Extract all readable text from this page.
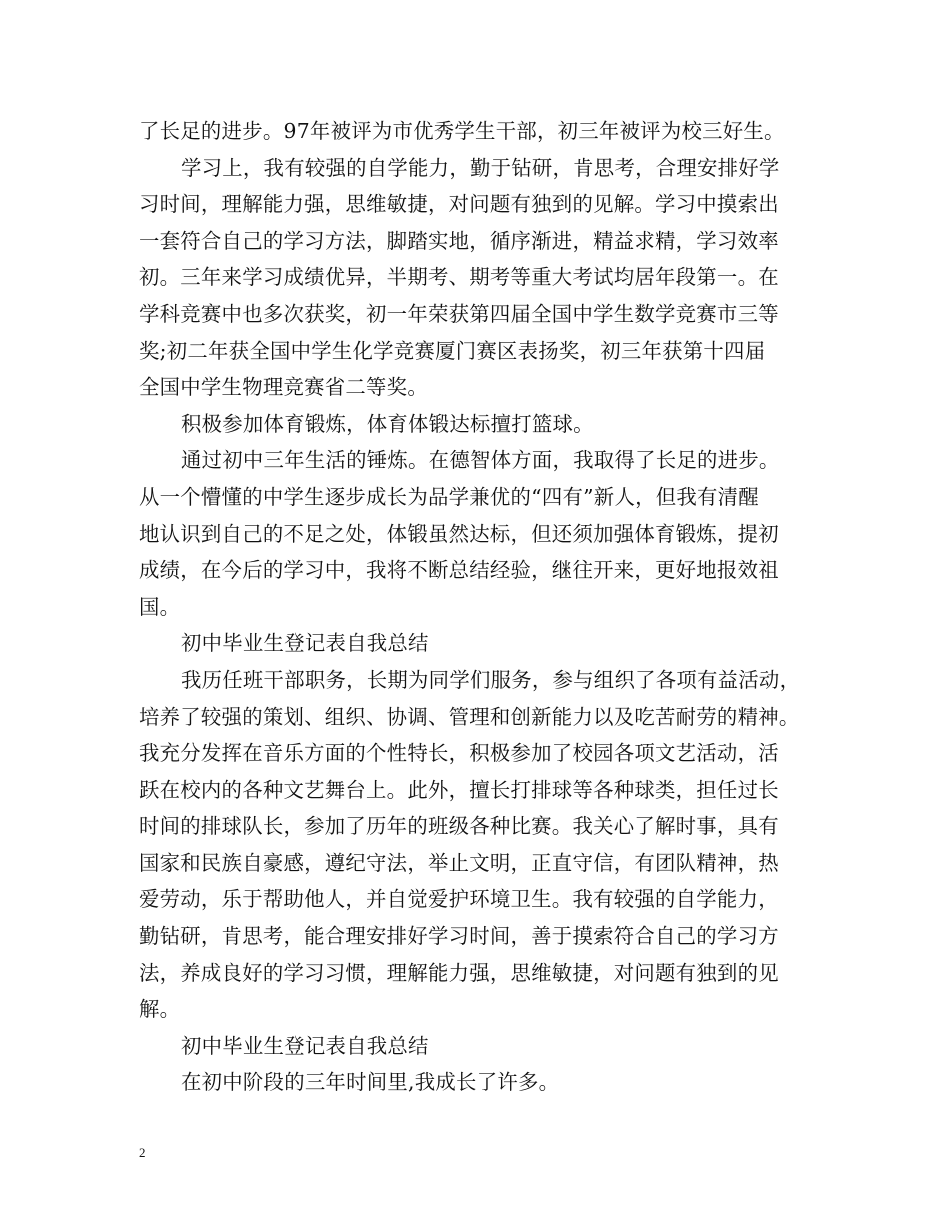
了长足的进步。97年被评为市优秀学生干部，初三年被评为校三好生。
学习上，我有较强的自学能力，勤于钻研，肯思考，合理安排好学
习时间，理解能力强，思维敏捷，对问题有独到的见解。学习中摸索出
一套符合自己的学习方法，脚踏实地，循序渐进，精益求精，学习效率
初。三年来学习成绩优异，半期考、期考等重大考试均居年段第一。在
学科竞赛中也多次获奖，初一年荣获第四届全国中学生数学竞赛市三等
奖;初二年获全国中学生化学竞赛厦门赛区表扬奖，初三年获第十四届
全国中学生物理竞赛省二等奖。
积极参加体育锻炼，体育体锻达标擅打篮球。
通过初中三年生活的锤炼。在德智体方面，我取得了长足的进步。
从一个懵懂的中学生逐步成长为品学兼优的“四有”新人，但我有清醒
地认识到自己的不足之处，体锻虽然达标，但还须加强体育锻炼，提初
成绩，在今后的学习中，我将不断总结经验，继往开来，更好地报效祖
国。
初中毕业生登记表自我总结
我历任班干部职务，长期为同学们服务，参与组织了各项有益活动，
培养了较强的策划、组织、协调、管理和创新能力以及吃苦耐劳的精神。
我充分发挥在音乐方面的个性特长，积极参加了校园各项文艺活动，活
跃在校内的各种文艺舞台上。此外，擅长打排球等各种球类，担任过长
时间的排球队长，参加了历年的班级各种比赛。我关心了解时事，具有
国家和民族自豪感，遵纪守法，举止文明，正直守信，有团队精神，热
爱劳动，乐于帮助他人，并自觉爱护环境卫生。我有较强的自学能力，
勤钻研，肯思考，能合理安排好学习时间，善于摸索符合自己的学习方
法，养成良好的学习习惯，理解能力强，思维敏捷，对问题有独到的见
解。
初中毕业生登记表自我总结
在初中阶段的三年时间里,我成长了许多。
2
